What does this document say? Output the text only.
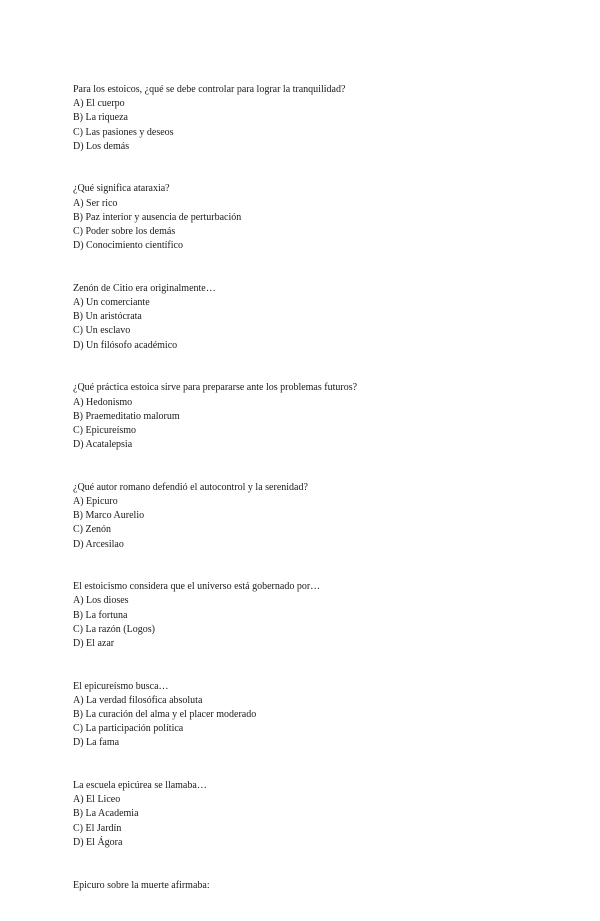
Para los estoicos, ¿qué se debe controlar para lograr la tranquilidad?
A) El cuerpo
B) La riqueza
C) Las pasiones y deseos
D) Los demás
¿Qué significa ataraxia?
A) Ser rico
B) Paz interior y ausencia de perturbación
C) Poder sobre los demás
D) Conocimiento científico
Zenón de Citio era originalmente…
A) Un comerciante
B) Un aristócrata
C) Un esclavo
D) Un filósofo académico
¿Qué práctica estoica sirve para prepararse ante los problemas futuros?
A) Hedonismo
B) Praemeditatio malorum
C) Epicureísmo
D) Acatalepsia
¿Qué autor romano defendió el autocontrol y la serenidad?
A) Epicuro
B) Marco Aurelio
C) Zenón
D) Arcesilao
El estoicismo considera que el universo está gobernado por…
A) Los dioses
B) La fortuna
C) La razón (Logos)
D) El azar
El epicureísmo busca…
A) La verdad filosófica absoluta
B) La curación del alma y el placer moderado
C) La participación política
D) La fama
La escuela epicúrea se llamaba…
A) El Liceo
B) La Academia
C) El Jardín
D) El Ágora
Epicuro sobre la muerte afirmaba:
